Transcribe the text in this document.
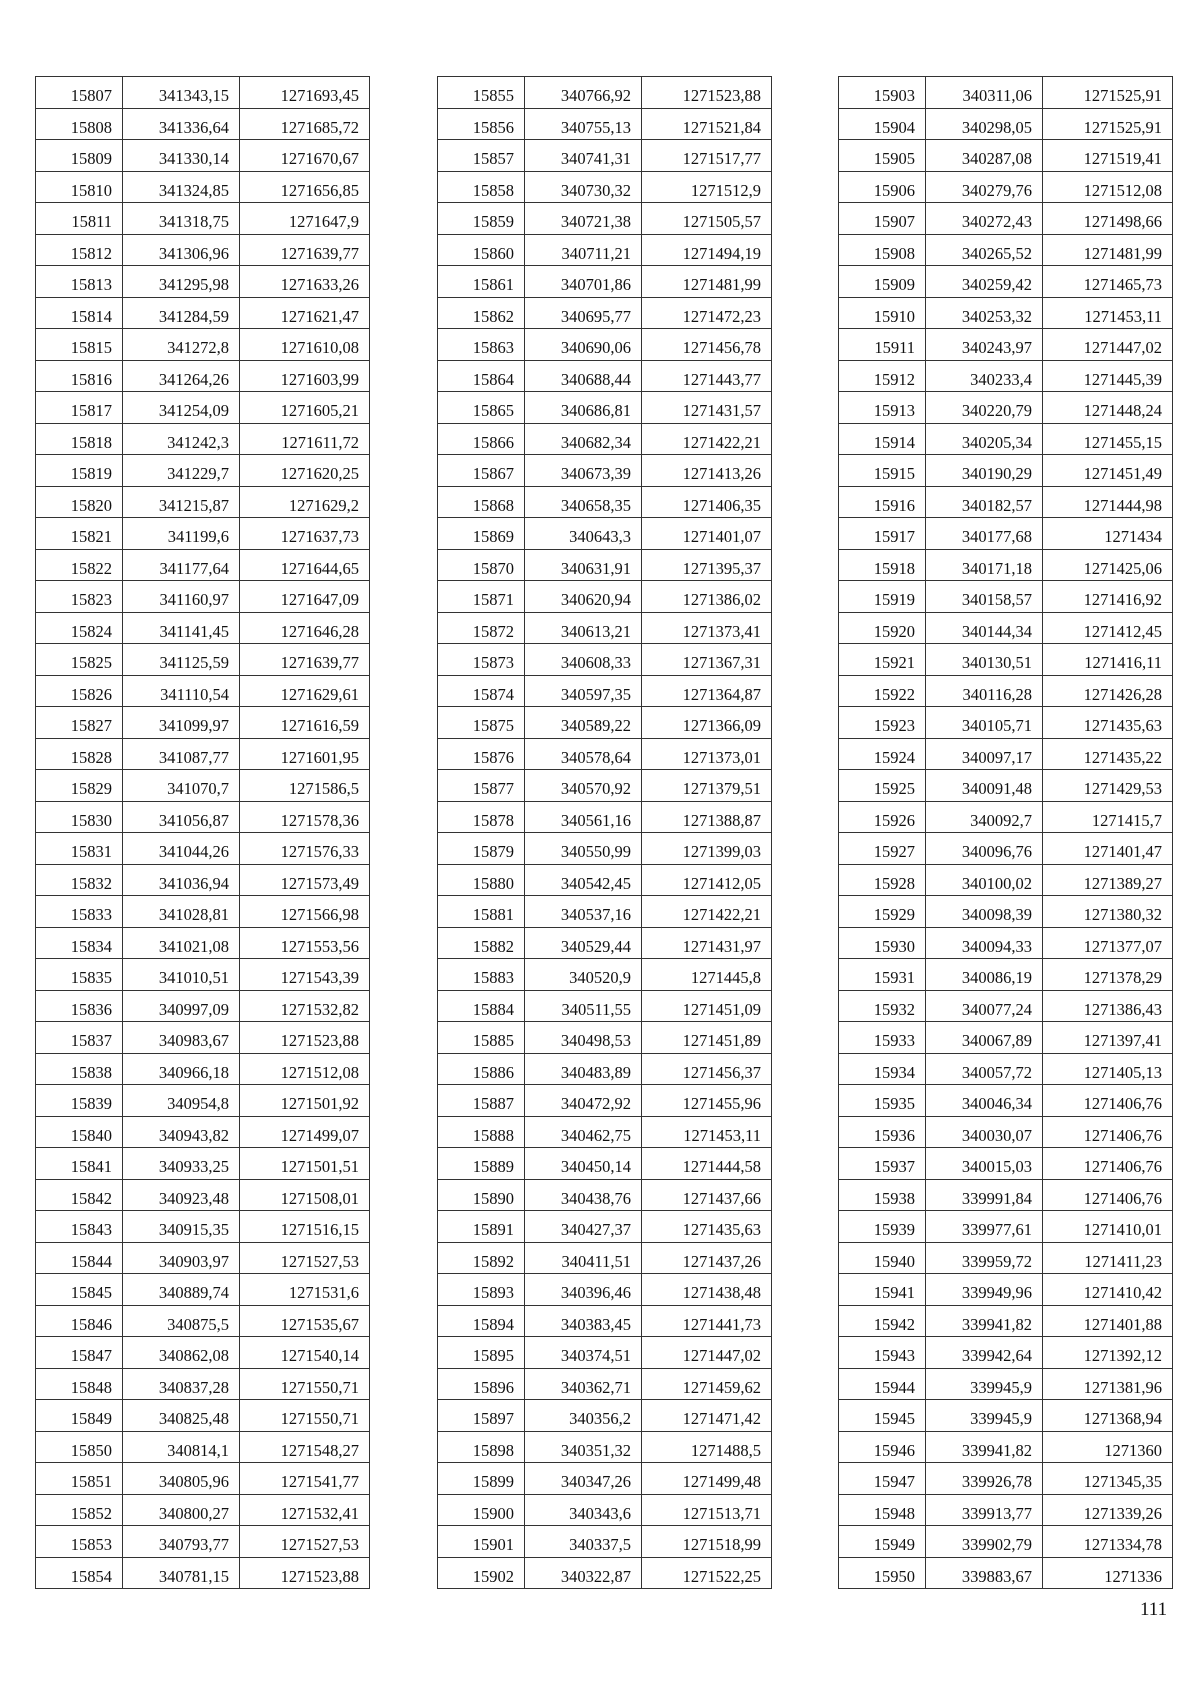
15807	341343,15	1271693,45
15808	341336,64	1271685,72
15809	341330,14	1271670,67
15810	341324,85	1271656,85
15811	341318,75	1271647,9
15812	341306,96	1271639,77
15813	341295,98	1271633,26
15814	341284,59	1271621,47
15815	341272,8	1271610,08
15816	341264,26	1271603,99
15817	341254,09	1271605,21
15818	341242,3	1271611,72
15819	341229,7	1271620,25
15820	341215,87	1271629,2
15821	341199,6	1271637,73
15822	341177,64	1271644,65
15823	341160,97	1271647,09
15824	341141,45	1271646,28
15825	341125,59	1271639,77
15826	341110,54	1271629,61
15827	341099,97	1271616,59
15828	341087,77	1271601,95
15829	341070,7	1271586,5
15830	341056,87	1271578,36
15831	341044,26	1271576,33
15832	341036,94	1271573,49
15833	341028,81	1271566,98
15834	341021,08	1271553,56
15835	341010,51	1271543,39
15836	340997,09	1271532,82
15837	340983,67	1271523,88
15838	340966,18	1271512,08
15839	340954,8	1271501,92
15840	340943,82	1271499,07
15841	340933,25	1271501,51
15842	340923,48	1271508,01
15843	340915,35	1271516,15
15844	340903,97	1271527,53
15845	340889,74	1271531,6
15846	340875,5	1271535,67
15847	340862,08	1271540,14
15848	340837,28	1271550,71
15849	340825,48	1271550,71
15850	340814,1	1271548,27
15851	340805,96	1271541,77
15852	340800,27	1271532,41
15853	340793,77	1271527,53
15854	340781,15	1271523,88
15855	340766,92	1271523,88
15856	340755,13	1271521,84
15857	340741,31	1271517,77
15858	340730,32	1271512,9
15859	340721,38	1271505,57
15860	340711,21	1271494,19
15861	340701,86	1271481,99
15862	340695,77	1271472,23
15863	340690,06	1271456,78
15864	340688,44	1271443,77
15865	340686,81	1271431,57
15866	340682,34	1271422,21
15867	340673,39	1271413,26
15868	340658,35	1271406,35
15869	340643,3	1271401,07
15870	340631,91	1271395,37
15871	340620,94	1271386,02
15872	340613,21	1271373,41
15873	340608,33	1271367,31
15874	340597,35	1271364,87
15875	340589,22	1271366,09
15876	340578,64	1271373,01
15877	340570,92	1271379,51
15878	340561,16	1271388,87
15879	340550,99	1271399,03
15880	340542,45	1271412,05
15881	340537,16	1271422,21
15882	340529,44	1271431,97
15883	340520,9	1271445,8
15884	340511,55	1271451,09
15885	340498,53	1271451,89
15886	340483,89	1271456,37
15887	340472,92	1271455,96
15888	340462,75	1271453,11
15889	340450,14	1271444,58
15890	340438,76	1271437,66
15891	340427,37	1271435,63
15892	340411,51	1271437,26
15893	340396,46	1271438,48
15894	340383,45	1271441,73
15895	340374,51	1271447,02
15896	340362,71	1271459,62
15897	340356,2	1271471,42
15898	340351,32	1271488,5
15899	340347,26	1271499,48
15900	340343,6	1271513,71
15901	340337,5	1271518,99
15902	340322,87	1271522,25
15903	340311,06	1271525,91
15904	340298,05	1271525,91
15905	340287,08	1271519,41
15906	340279,76	1271512,08
15907	340272,43	1271498,66
15908	340265,52	1271481,99
15909	340259,42	1271465,73
15910	340253,32	1271453,11
15911	340243,97	1271447,02
15912	340233,4	1271445,39
15913	340220,79	1271448,24
15914	340205,34	1271455,15
15915	340190,29	1271451,49
15916	340182,57	1271444,98
15917	340177,68	1271434
15918	340171,18	1271425,06
15919	340158,57	1271416,92
15920	340144,34	1271412,45
15921	340130,51	1271416,11
15922	340116,28	1271426,28
15923	340105,71	1271435,63
15924	340097,17	1271435,22
15925	340091,48	1271429,53
15926	340092,7	1271415,7
15927	340096,76	1271401,47
15928	340100,02	1271389,27
15929	340098,39	1271380,32
15930	340094,33	1271377,07
15931	340086,19	1271378,29
15932	340077,24	1271386,43
15933	340067,89	1271397,41
15934	340057,72	1271405,13
15935	340046,34	1271406,76
15936	340030,07	1271406,76
15937	340015,03	1271406,76
15938	339991,84	1271406,76
15939	339977,61	1271410,01
15940	339959,72	1271411,23
15941	339949,96	1271410,42
15942	339941,82	1271401,88
15943	339942,64	1271392,12
15944	339945,9	1271381,96
15945	339945,9	1271368,94
15946	339941,82	1271360
15947	339926,78	1271345,35
15948	339913,77	1271339,26
15949	339902,79	1271334,78
15950	339883,67	1271336
111
